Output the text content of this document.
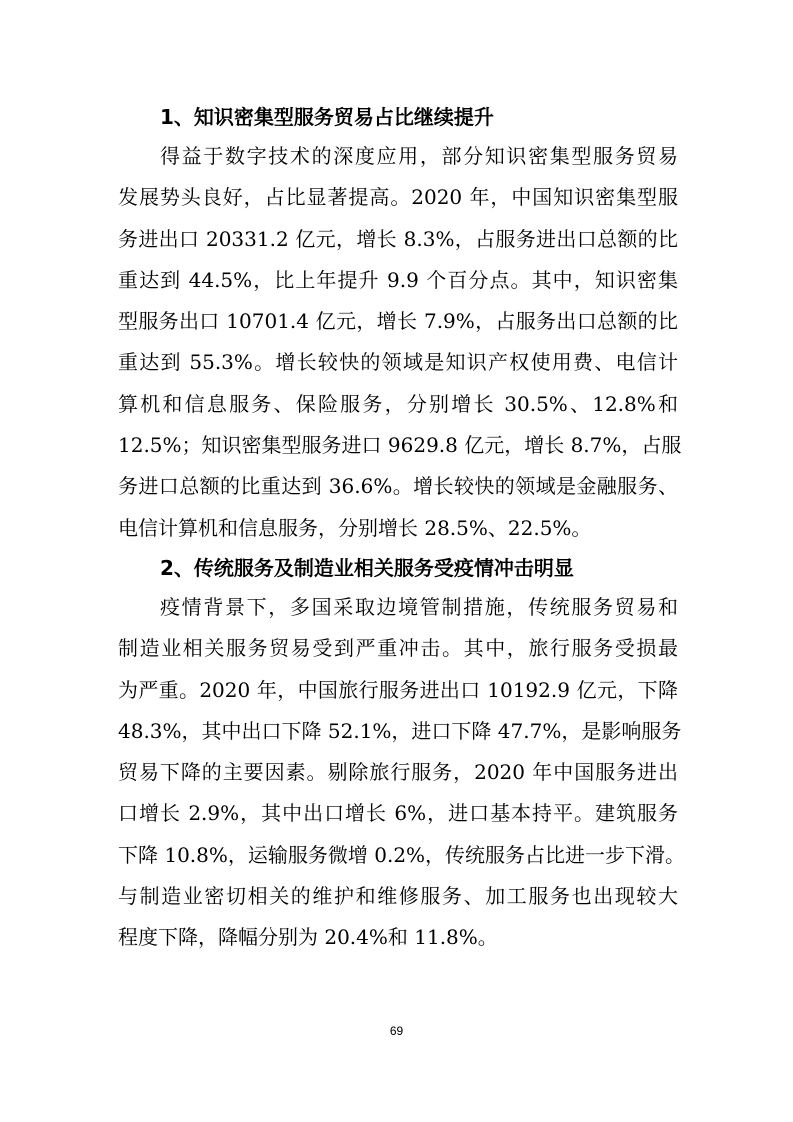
1、知识密集型服务贸易占比继续提升
得益于数字技术的深度应用，部分知识密集型服务贸易
发展势头良好，占比显著提高。2020 年，中国知识密集型服
务进出口 20331.2 亿元，增长 8.3%，占服务进出口总额的比
重达到 44.5%，比上年提升 9.9 个百分点。其中，知识密集
型服务出口 10701.4 亿元，增长 7.9%，占服务出口总额的比
重达到 55.3%。增长较快的领域是知识产权使用费、电信计
算机和信息服务、保险服务，分别增长 30.5%、12.8%和
12.5%；知识密集型服务进口 9629.8 亿元，增长 8.7%，占服
务进口总额的比重达到 36.6%。增长较快的领域是金融服务、
电信计算机和信息服务，分别增长 28.5%、22.5%。
2、传统服务及制造业相关服务受疫情冲击明显
疫情背景下，多国采取边境管制措施，传统服务贸易和
制造业相关服务贸易受到严重冲击。其中，旅行服务受损最
为严重。2020 年，中国旅行服务进出口 10192.9 亿元，下降
48.3%，其中出口下降 52.1%，进口下降 47.7%，是影响服务
贸易下降的主要因素。剔除旅行服务，2020 年中国服务进出
口增长 2.9%，其中出口增长 6%，进口基本持平。建筑服务
下降 10.8%，运输服务微增 0.2%，传统服务占比进一步下滑。
与制造业密切相关的维护和维修服务、加工服务也出现较大
程度下降，降幅分别为 20.4%和 11.8%。
69
